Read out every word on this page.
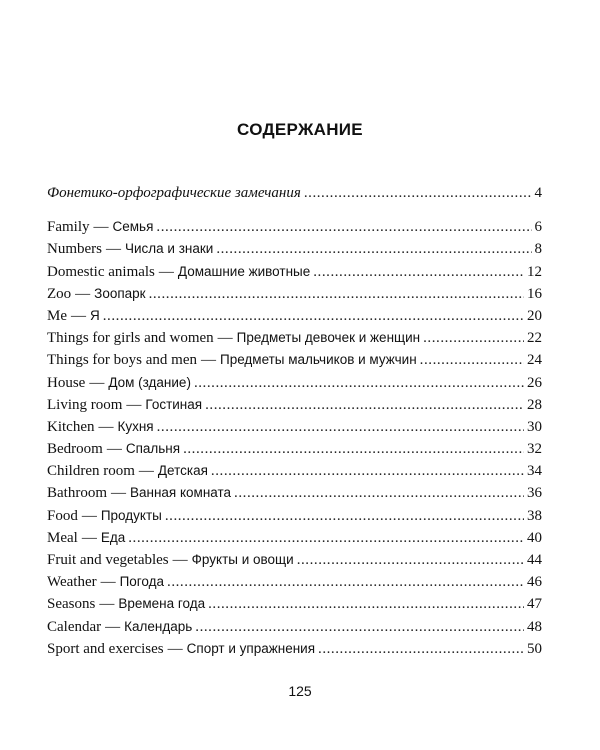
СОДЕРЖАНИЕ
Фонетико-орфографические замечания . . .	4
Family — Семья . . .	6
Numbers — Числа и знаки . . .	8
Domestic animals — Домашние животные . . .	12
Zoo — Зоопарк . . .	16
Me — Я . . .	20
Things for girls and women — Предметы девочек и женщин . . .	22
Things for boys and men — Предметы мальчиков и мужчин . . .	24
House — Дом (здание) . . .	26
Living room — Гостиная . . .	28
Kitchen — Кухня . . .	30
Bedroom — Спальня . . .	32
Children room — Детская . . .	34
Bathroom — Ванная комната . . .	36
Food — Продукты . . .	38
Meal — Еда . . .	40
Fruit and vegetables — Фрукты и овощи . . .	44
Weather — Погода . . .	46
Seasons — Времена года . . .	47
Calendar — Календарь . . .	48
Sport and exercises — Спорт и упражнения . . .	50
125
